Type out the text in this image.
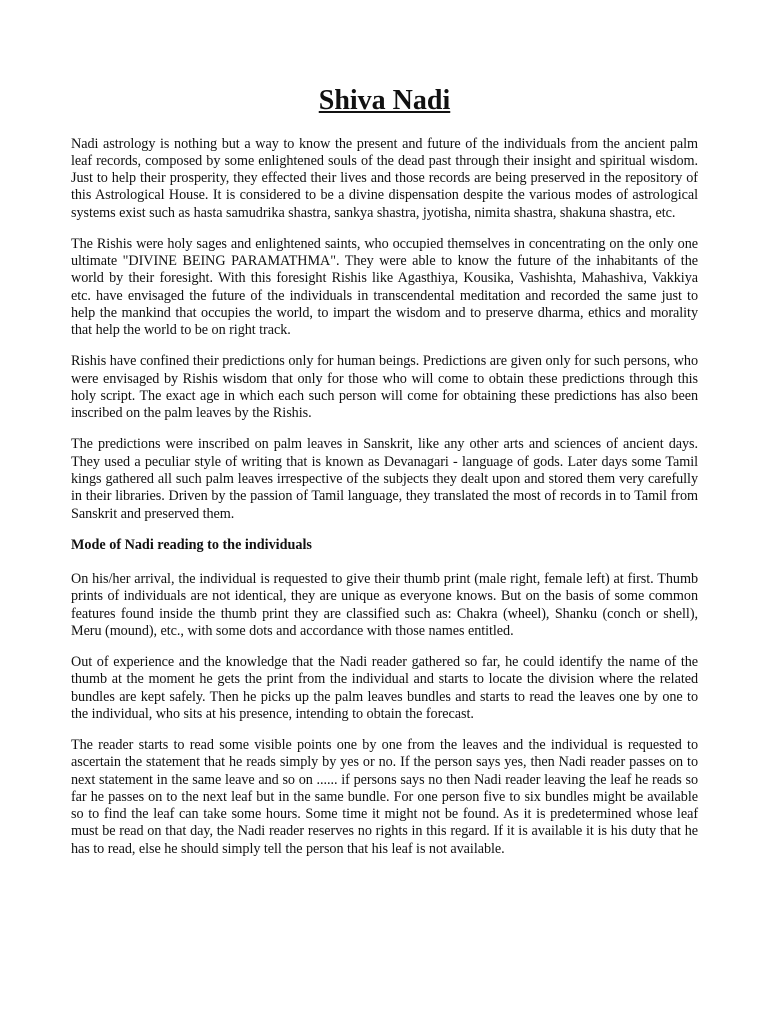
Shiva Nadi

Nadi astrology is nothing but a way to know the present and future of the individuals from the ancient palm leaf records, composed by some enlightened souls of the dead past through their insight and spiritual wisdom. Just to help their prosperity, they effected their lives and those records are being preserved in the repository of this Astrological House. It is considered to be a divine dispensation despite the various modes of astrological systems exist such as hasta samudrika shastra, sankya shastra, jyotisha, nimita shastra, shakuna shastra, etc.

The Rishis were holy sages and enlightened saints, who occupied themselves in concentrating on the only one ultimate "DIVINE BEING PARAMATHMA". They were able to know the future of the inhabitants of the world by their foresight. With this foresight Rishis like Agasthiya, Kousika, Vashishta, Mahashiva, Vakkiya etc. have envisaged the future of the individuals in transcendental meditation and recorded the same just to help the mankind that occupies the world, to impart the wisdom and to preserve dharma, ethics and morality that help the world to be on right track.

Rishis have confined their predictions only for human beings. Predictions are given only for such persons, who were envisaged by Rishis wisdom that only for those who will come to obtain these predictions through this holy script. The exact age in which each such person will come for obtaining these predictions has also been inscribed on the palm leaves by the Rishis.

The predictions were inscribed on palm leaves in Sanskrit, like any other arts and sciences of ancient days. They used a peculiar style of writing that is known as Devanagari - language of gods. Later days some Tamil kings gathered all such palm leaves irrespective of the subjects they dealt upon and stored them very carefully in their libraries. Driven by the passion of Tamil language, they translated the most of records in to Tamil from Sanskrit and preserved them.

Mode of Nadi reading to the individuals

On his/her arrival, the individual is requested to give their thumb print (male right, female left) at first. Thumb prints of individuals are not identical, they are unique as everyone knows. But on the basis of some common features found inside the thumb print they are classified such as: Chakra (wheel), Shanku (conch or shell), Meru (mound), etc., with some dots and accordance with those names entitled.

Out of experience and the knowledge that the Nadi reader gathered so far, he could identify the name of the thumb at the moment he gets the print from the individual and starts to locate the division where the related bundles are kept safely. Then he picks up the palm leaves bundles and starts to read the leaves one by one to the individual, who sits at his presence, intending to obtain the forecast.

The reader starts to read some visible points one by one from the leaves and the individual is requested to ascertain the statement that he reads simply by yes or no. If the person says yes, then Nadi reader passes on to next statement in the same leave and so on ...... if persons says no then Nadi reader leaving the leaf he reads so far he passes on to the next leaf but in the same bundle. For one person five to six bundles might be available so to find the leaf can take some hours. Some time it might not be found. As it is predetermined whose leaf must be read on that day, the Nadi reader reserves no rights in this regard. If it is available it is his duty that he has to read, else he should simply tell the person that his leaf is not available.
